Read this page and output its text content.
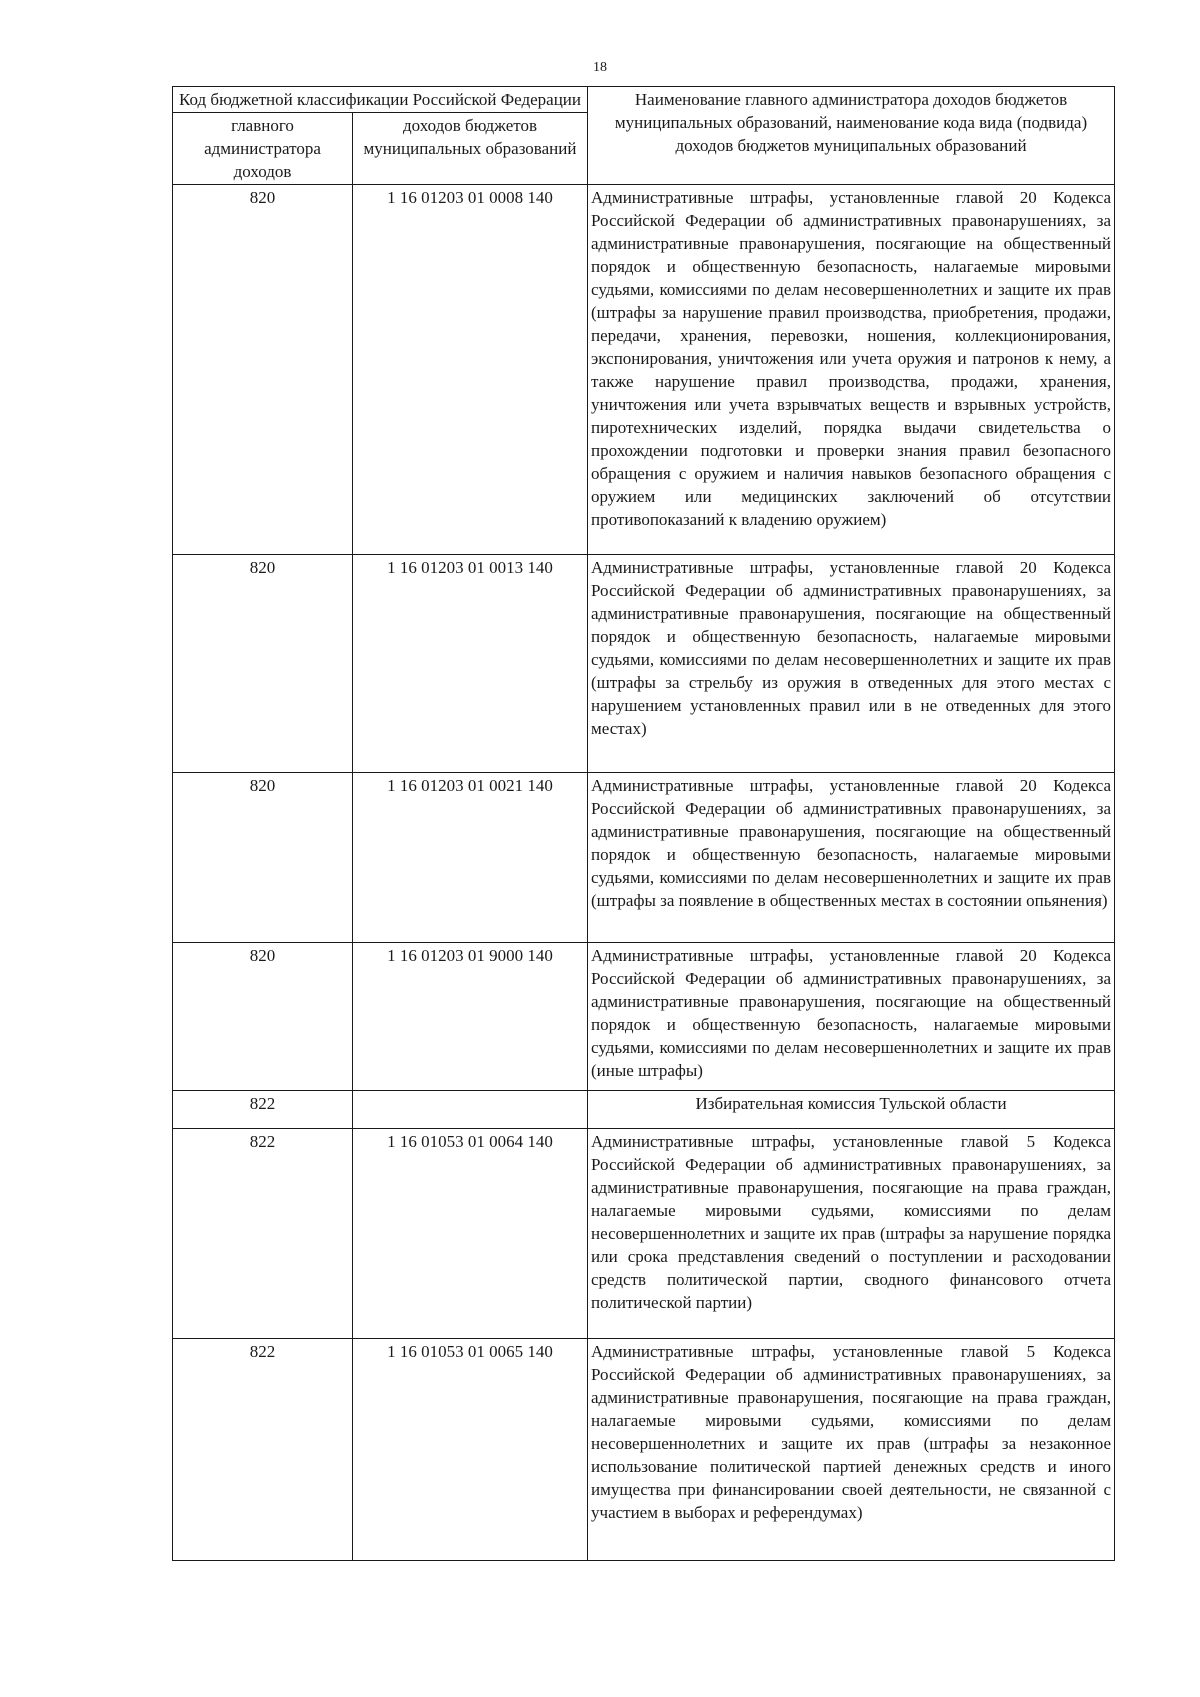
18
Код бюджетной классификации Российской Федерации		Наименование главного администратора доходов бюджетов муниципальных образований, наименование кода вида (подвида) доходов бюджетов муниципальных образований
главного администратора доходов	доходов бюджетов муниципальных образований	
820	1 16 01203 01 0008 140	Административные штрафы, установленные главой 20 Кодекса Российской Федерации об административных правонарушениях, за административные правонарушения, посягающие на общественный порядок и общественную безопасность, налагаемые мировыми судьями, комиссиями по делам несовершеннолетних и защите их прав (штрафы за нарушение правил производства, приобретения, продажи, передачи, хранения, перевозки, ношения, коллекционирования, экспонирования, уничтожения или учета оружия и патронов к нему, а также нарушение правил производства, продажи, хранения, уничтожения или учета взрывчатых веществ и взрывных устройств, пиротехнических изделий, порядка выдачи свидетельства о прохождении подготовки и проверки знания правил безопасного обращения с оружием и наличия навыков безопасного обращения с оружием или медицинских заключений об отсутствии противопоказаний к владению оружием)
820	1 16 01203 01 0013 140	Административные штрафы, установленные главой 20 Кодекса Российской Федерации об административных правонарушениях, за административные правонарушения, посягающие на общественный порядок и общественную безопасность, налагаемые мировыми судьями, комиссиями по делам несовершеннолетних и защите их прав (штрафы за стрельбу из оружия в отведенных для этого местах с нарушением установленных правил или в не отведенных для этого местах)
820	1 16 01203 01 0021 140	Административные штрафы, установленные главой 20 Кодекса Российской Федерации об административных правонарушениях, за административные правонарушения, посягающие на общественный порядок и общественную безопасность, налагаемые мировыми судьями, комиссиями по делам несовершеннолетних и защите их прав (штрафы за появление в общественных местах в состоянии опьянения)
820	1 16 01203 01 9000 140	Административные штрафы, установленные главой 20 Кодекса Российской Федерации об административных правонарушениях, за административные правонарушения, посягающие на общественный порядок и общественную безопасность, налагаемые мировыми судьями, комиссиями по делам несовершеннолетних и защите их прав (иные штрафы)
822		Избирательная комиссия Тульской области
822	1 16 01053 01 0064 140	Административные штрафы, установленные главой 5 Кодекса Российской Федерации об административных правонарушениях, за административные правонарушения, посягающие на права граждан, налагаемые мировыми судьями, комиссиями по делам несовершеннолетних и защите их прав (штрафы за нарушение порядка или срока представления сведений о поступлении и расходовании средств политической партии, сводного финансового отчета политической партии)
822	1 16 01053 01 0065 140	Административные штрафы, установленные главой 5 Кодекса Российской Федерации об административных правонарушениях, за административные правонарушения, посягающие на права граждан, налагаемые мировыми судьями, комиссиями по делам несовершеннолетних и защите их прав (штрафы за незаконное использование политической партией денежных средств и иного имущества при финансировании своей деятельности, не связанной с участием в выборах и референдумах)
